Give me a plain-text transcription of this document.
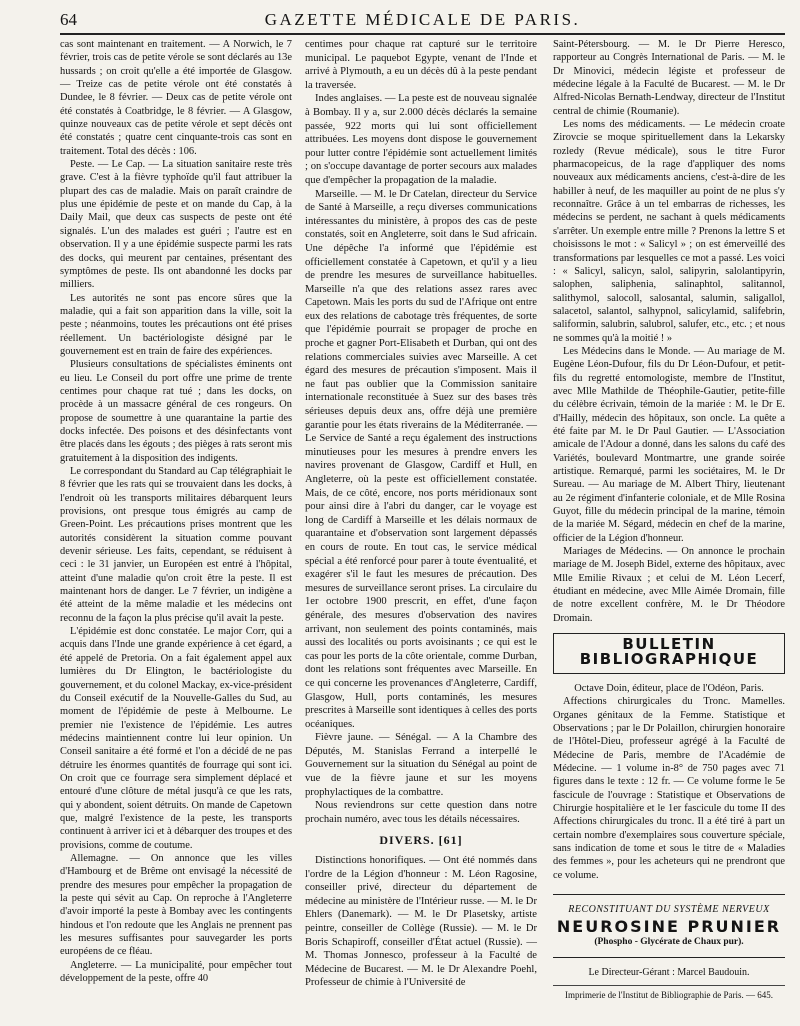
64	GAZETTE MÉDICALE DE PARIS.

cas sont maintenant en traitement. — A Norwich, le 7 février, trois cas de petite vérole se sont déclarés au 13e hussards ; on croit qu'elle a été importée de Glasgow. — Treize cas de petite vérole ont été constatés à Dundee, le 8 février. — Deux cas de petite vérole ont été constatés à Coatbridge, le 8 février. — A Glasgow, quinze nouveaux cas de petite vérole et sept décès ont été constatés ; quatre cent cinquante-trois cas sont en traitement. Total des décès : 106.

Peste. — Le Cap. — La situation sanitaire reste très grave. C'est à la fièvre typhoïde qu'il faut attribuer la plupart des cas de maladie. Mais on paraît craindre de plus une épidémie de peste et on mande du Cap, à la Daily Mail, que deux cas suspects de peste ont été signalés. L'un des malades est guéri ; l'autre est en observation. Il y a une épidémie suspecte parmi les rats des docks, qui meurent par centaines, présentant des symptômes de peste. Ils ont abandonné les docks par milliers.

Les autorités ne sont pas encore sûres que la maladie, qui a fait son apparition dans la ville, soit la peste ; néanmoins, toutes les précautions ont été prises réellement. Un bactériologiste désigné par le gouvernement est en train de faire des expériences.

Plusieurs consultations de spécialistes éminents ont eu lieu. Le Conseil du port offre une prime de trente centimes pour chaque rat tué ; dans les docks, on procède à un massacre général de ces rongeurs. On propose de soumettre à une quarantaine la partie des docks infectée. Des poisons et des désinfectants vont être placés dans les égouts ; des pièges à rats seront mis gratuitement à la disposition des indigents.

Le correspondant du Standard au Cap télégraphiait le 8 février que les rats qui se trouvaient dans les docks, à l'endroit où les transports militaires débarquent leurs provisions, ont presque tous émigrés au camp de Green-Point. Les précautions prises montrent que les autorités considèrent la situation comme pouvant devenir sérieuse. Les faits, cependant, se réduisent à ceci : le 31 janvier, un Européen est entré à l'hôpital, atteint d'une maladie qu'on croit être la peste. Il est maintenant hors de danger. Le 7 février, un indigène a été atteint de la même maladie et les médecins ont reconnu de la façon la plus précise qu'il avait la peste.

L'épidémie est donc constatée. Le major Corr, qui a acquis dans l'Inde une grande expérience à cet égard, a été appelé de Pretoria. On a fait également appel aux lumières du Dr Elington, le bactériologiste du gouvernement, et du colonel Mackay, ex-vice-président du Conseil exécutif de la Nouvelle-Galles du Sud, au moment de l'épidémie de peste à Melbourne. Le premier nie l'existence de l'épidémie. Les autres médecins maintiennent contre lui leur opinion. Un Conseil sanitaire a été formé et l'on a décidé de ne pas détruire les énormes quantités de fourrage qui sont ici. On croit que ce fourrage sera simplement déplacé et entouré d'une clôture de métal jusqu'à ce que les rats, qui y abondent, soient détruits. On mande de Capetown que, malgré l'existence de la peste, les transports continuent à arriver ici et à débarquer des troupes et des provisions, comme de coutume.

Allemagne. — On annonce que les villes d'Hambourg et de Brême ont envisagé la nécessité de prendre des mesures pour empêcher la propagation de la peste qui sévit au Cap. On reproche à l'Angleterre d'avoir importé la peste à Bombay avec les contingents hindous et l'on redoute que les Anglais ne prennent pas les mesures suffisantes pour sauvegarder les ports européens de ce fléau.

Angleterre. — La municipalité, pour empêcher tout développement de la peste, offre 40

centimes pour chaque rat capturé sur le territoire municipal. Le paquebot Egypte, venant de l'Inde et arrivé à Plymouth, a eu un décès dû à la peste pendant la traversée.

Indes anglaises. — La peste est de nouveau signalée à Bombay. Il y a, sur 2.000 décès déclarés la semaine passée, 922 morts qui lui sont officiellement attribuées. Les moyens dont dispose le gouvernement pour lutter contre l'épidémie sont actuellement limités ; on s'occupe davantage de porter secours aux malades que d'empêcher la propagation de la maladie.

Marseille. — M. le Dr Catelan, directeur du Service de Santé à Marseille, a reçu diverses communications intéressantes du ministère, à propos des cas de peste constatés, soit en Angleterre, soit dans le Sud africain. Une dépêche l'a informé que l'épidémie est officiellement constatée à Capetown, et qu'il y a lieu de prendre les mesures de surveillance habituelles. Marseille n'a que des relations assez rares avec Capetown. Mais les ports du sud de l'Afrique ont entre eux des relations de cabotage très fréquentes, de sorte que l'épidémie pourrait se propager de proche en proche et gagner Port-Elisabeth et Durban, qui ont des relations commerciales suivies avec Marseille. A cet égard des mesures de précaution s'imposent. Mais il ne faut pas oublier que la Commission sanitaire internationale reconstituée à Suez sur des bases très sérieuses depuis deux ans, offre déjà une première garantie pour les états riverains de la Méditerranée. — Le Service de Santé a reçu également des instructions minutieuses pour les mesures à prendre envers les navires provenant de Glasgow, Cardiff et Hull, en Angleterre, où la peste est officiellement constatée. Mais, de ce côté, encore, nos ports méridionaux sont pour ainsi dire à l'abri du danger, car le voyage est long de Cardiff à Marseille et les délais normaux de quarantaine et d'observation sont largement dépassés en cours de route. En tout cas, le service médical spécial a été renforcé pour parer à toute éventualité, et exagérer s'il le faut les mesures de précaution. Des mesures de surveillance seront prises. La circulaire du 1er octobre 1900 prescrit, en effet, d'une façon générale, des mesures d'observation des navires arrivant, non seulement des points contaminés, mais aussi des localités ou ports avoisinants ; ce qui est le cas pour les ports de la côte orientale, comme Durban, dont les relations sont fréquentes avec Marseille. En ce qui concerne les provenances d'Angleterre, Cardiff, Glasgow, Hull, ports contaminés, les mesures prescrites à Marseille sont identiques à celles des ports océaniques.

Fièvre jaune. — Sénégal. — A la Chambre des Députés, M. Stanislas Ferrand a interpellé le Gouvernement sur la situation du Sénégal au point de vue de la fièvre jaune et sur les moyens prophylactiques de la combattre.

Nous reviendrons sur cette question dans notre prochain numéro, avec tous les détails nécessaires.

DIVERS. [61]

Distinctions honorifiques. — Ont été nommés dans l'ordre de la Légion d'honneur : M. Léon Ragosine, conseiller privé, directeur du département de médecine au ministère de l'Intérieur russe. — M. le Dr Ehlers (Danemark). — M. le Dr Plasetsky, artiste peintre, conseiller de Collège (Russie). — M. le Dr Boris Schapiroff, conseiller d'État actuel (Russie). — M. Thomas Jonnesco, professeur à la Faculté de Médecine de Bucarest. — M. le Dr Alexandre Poehl, Professeur de chimie à l'Université de

Saint-Pétersbourg. — M. le Dr Pierre Heresco, rapporteur au Congrès International de Paris. — M. le Dr Minovici, médecin légiste et professeur de médecine légale à la Faculté de Bucarest. — M. le Dr Alfred-Nicolas Bernath-Lendway, directeur de l'Institut central de chimie (Roumanie).

Les noms des médicaments. — Le médecin croate Zirovcie se moque spirituellement dans la Lekarsky rozledy (Revue médicale), sous le titre Furor pharmacopeicus, de la rage d'appliquer des noms nouveaux aux médicaments anciens, c'est-à-dire de les habiller à neuf, de les maquiller au point de ne plus s'y reconnaître. Grâce à un tel embarras de richesses, les médecins se perdent, ne sachant à quels médicaments s'arrêter. Un exemple entre mille ? Prenons la lettre S et choisissons le mot : « Salicyl » ; on est émerveillé des transformations par lesquelles ce mot a passé. Les voici : « Salicyl, salicyn, salol, salipyrin, salolantipyrin, salophen, saliphenia, salinaphtol, salitannol, salithymol, salocoll, salosantal, salumin, saligallol, salacetol, salantol, salhypnol, salicylamid, salifebrin, saliformin, salubrin, salubrol, salufer, etc., etc. ; et nous ne sommes qu'à la moitié ! »

Les Médecins dans le Monde. — Au mariage de M. Eugène Léon-Dufour, fils du Dr Léon-Dufour, et petit-fils du regretté entomologiste, membre de l'Institut, avec Mlle Mathilde de Théophile-Gautier, petite-fille du célèbre écrivain, témoin de la mariée : M. le Dr E. d'Hailly, médecin des hôpitaux, son oncle. La quête a été faite par M. le Dr Paul Gautier. — L'Association amicale de l'Adour a donné, dans les salons du café des Variétés, boulevard Montmartre, une grande soirée artistique. Remarqué, parmi les sociétaires, M. le Dr Sureau. — Au mariage de M. Albert Thiry, lieutenant au 2e régiment d'infanterie coloniale, et de Mlle Rosina Guyot, fille du médecin principal de la marine, témoin de la mariée M. Ségard, médecin en chef de la marine, officier de la Légion d'honneur.

Mariages de Médecins. — On annonce le prochain mariage de M. Joseph Bidel, externe des hôpitaux, avec Mlle Emilie Rivaux ; et celui de M. Léon Lecerf, étudiant en médecine, avec Mlle Aimée Dromain, fille de notre excellent confrère, M. le Dr Théodore Dromain.

BULLETIN BIBLIOGRAPHIQUE

Octave Doin, éditeur, place de l'Odéon, Paris.

Affections chirurgicales du Tronc. Mamelles. Organes génitaux de la Femme. Statistique et Observations ; par le Dr Polaillon, chirurgien honoraire de l'Hôtel-Dieu, professeur agrégé à la Faculté de Médecine de Paris, membre de l'Académie de Médecine. — 1 volume in-8° de 750 pages avec 71 figures dans le texte : 12 fr. — Ce volume forme le 5e fascicule de l'ouvrage : Statistique et Observations de Chirurgie hospitalière et le 1er fascicule du tome II des Affections chirurgicales du tronc. Il a été tiré à part un certain nombre d'exemplaires sous couverture spéciale, sans indication de tome et sous le titre de « Maladies des femmes », pour les acheteurs qui ne prendront que ce volume.

RECONSTITUANT DU SYSTÈME NERVEUX
NEUROSINE PRUNIER
(Phospho - Glycérate de Chaux pur).
Le Directeur-Gérant : Marcel Baudouin.
Imprimerie de l'Institut de Bibliographie de Paris. — 645.
